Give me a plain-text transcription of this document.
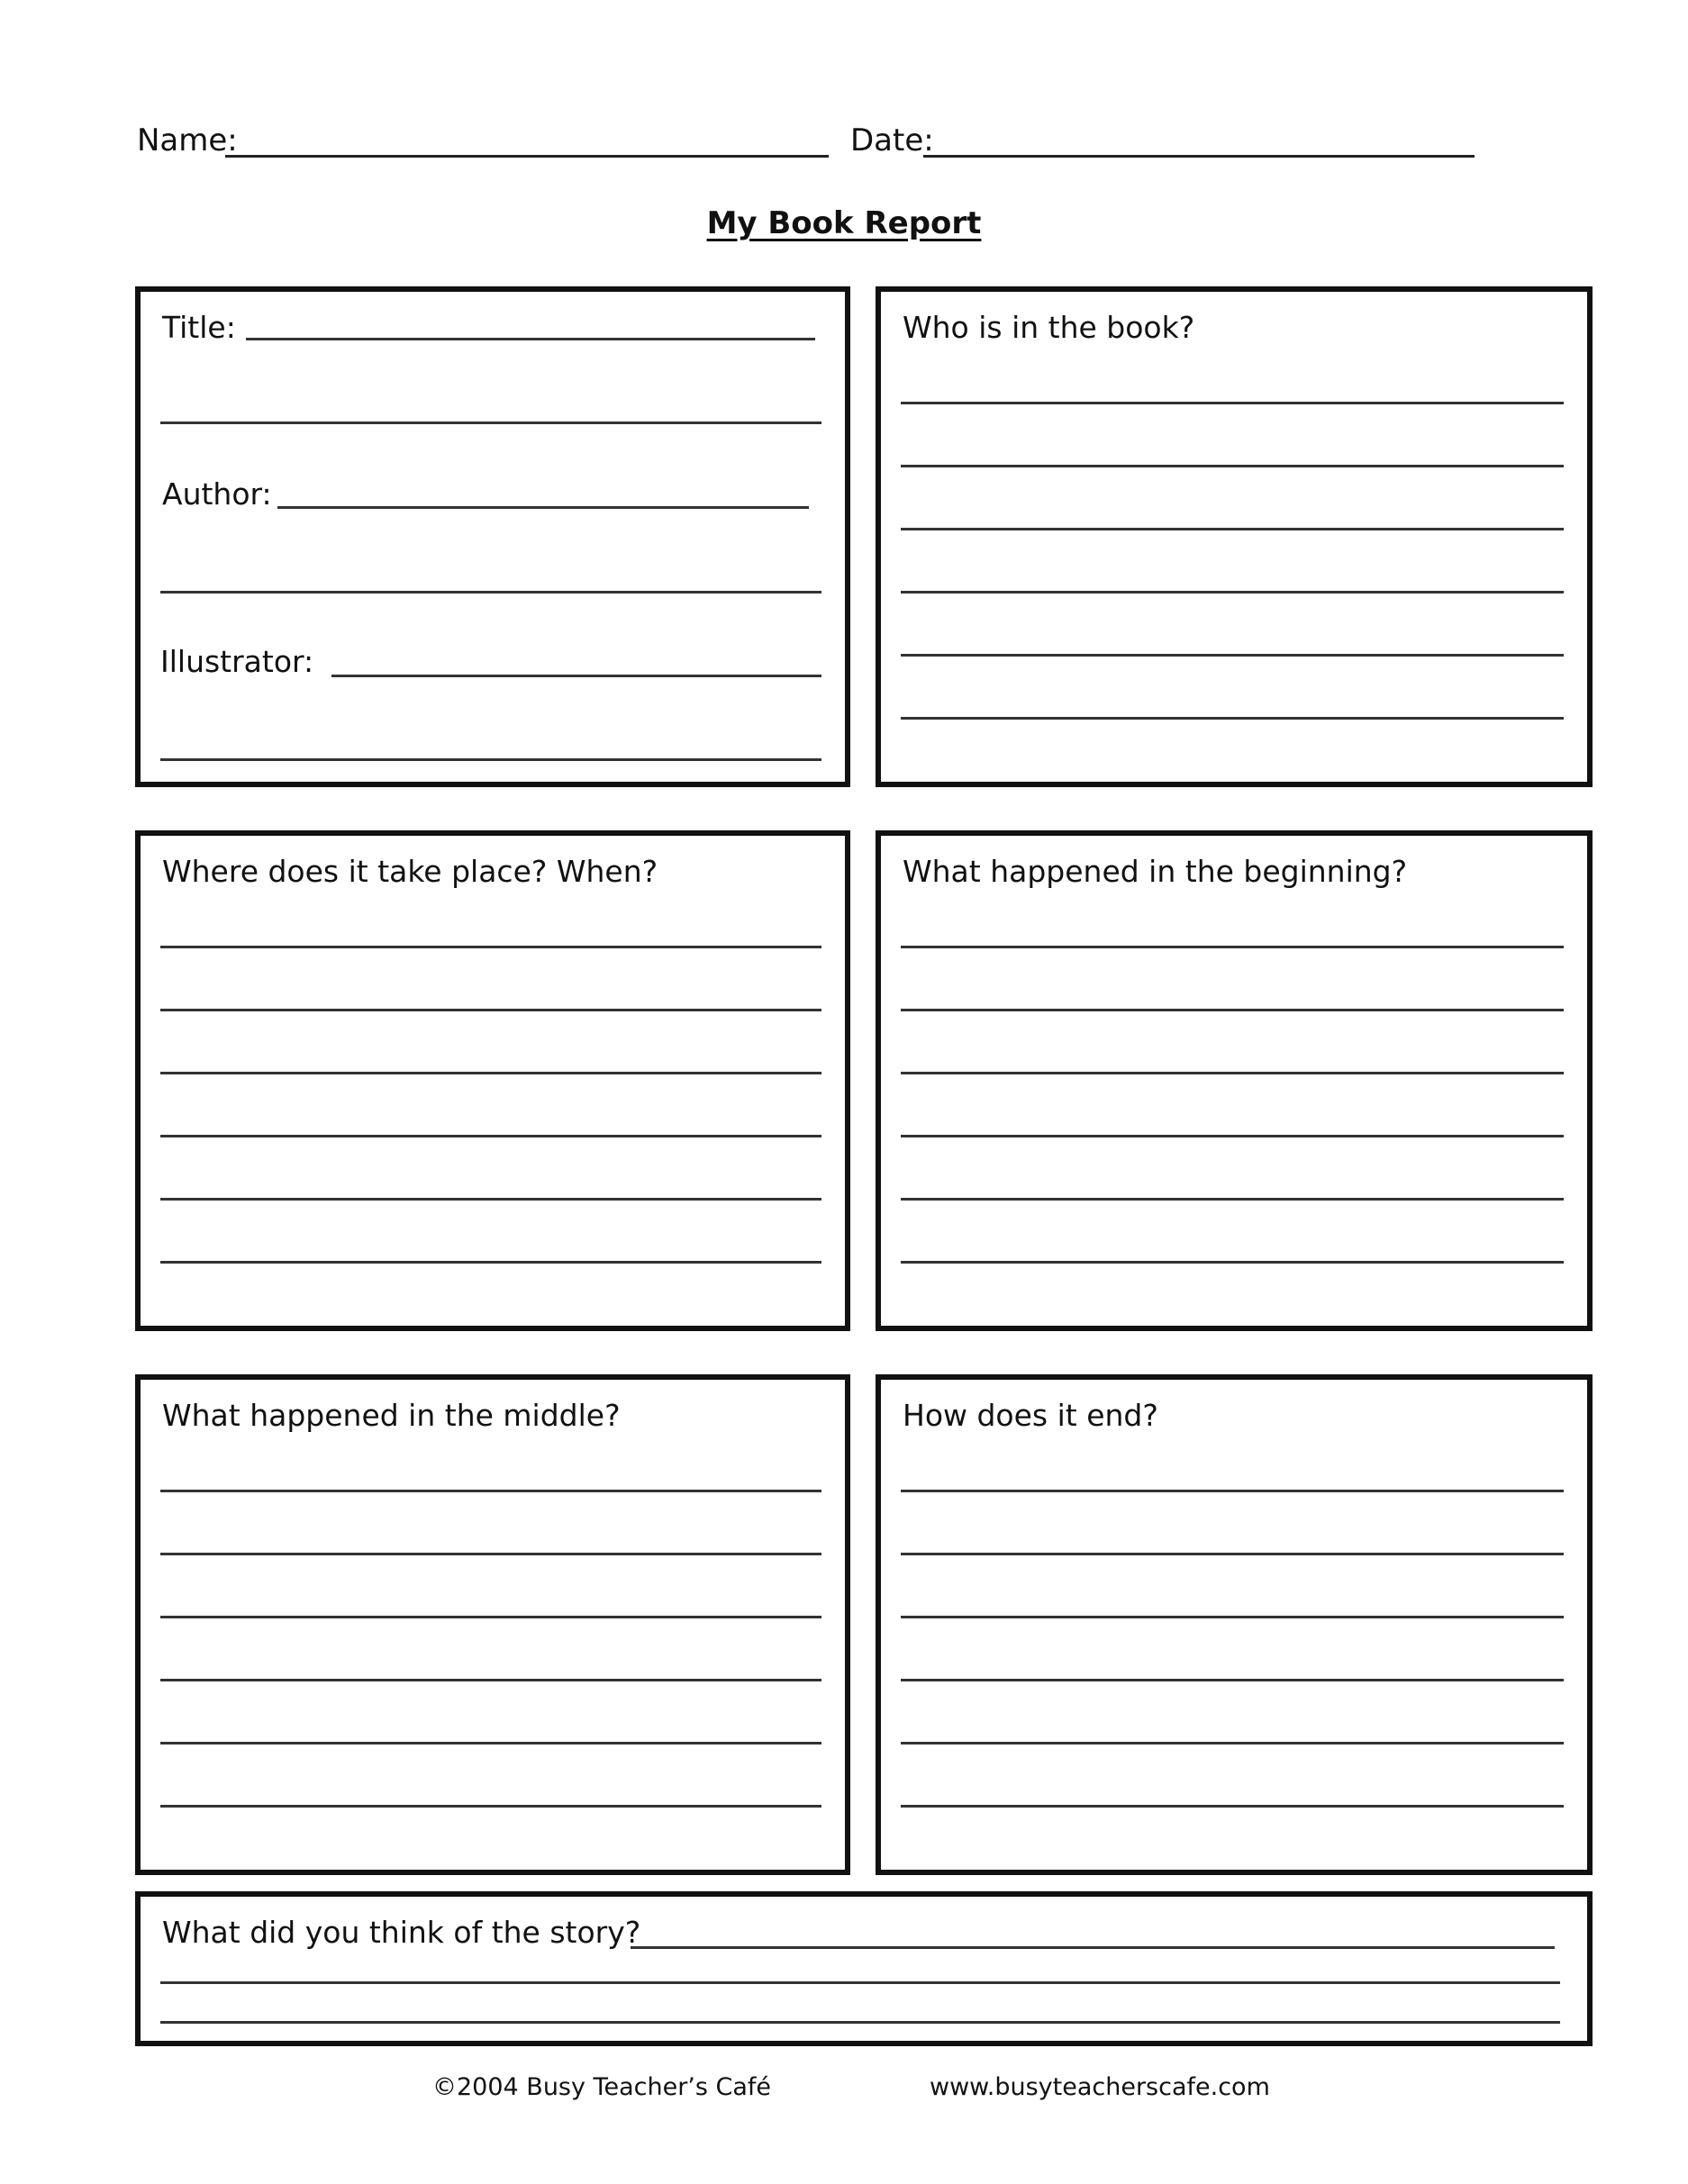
Name:	Date:
My Book Report
Title:
Author:
Illustrator:
Who is in the book?
Where does it take place? When?	What happened in the beginning?
What happened in the middle?	How does it end?
What did you think of the story?
©2004 Busy Teacher’s Café	www.busyteacherscafe.com
